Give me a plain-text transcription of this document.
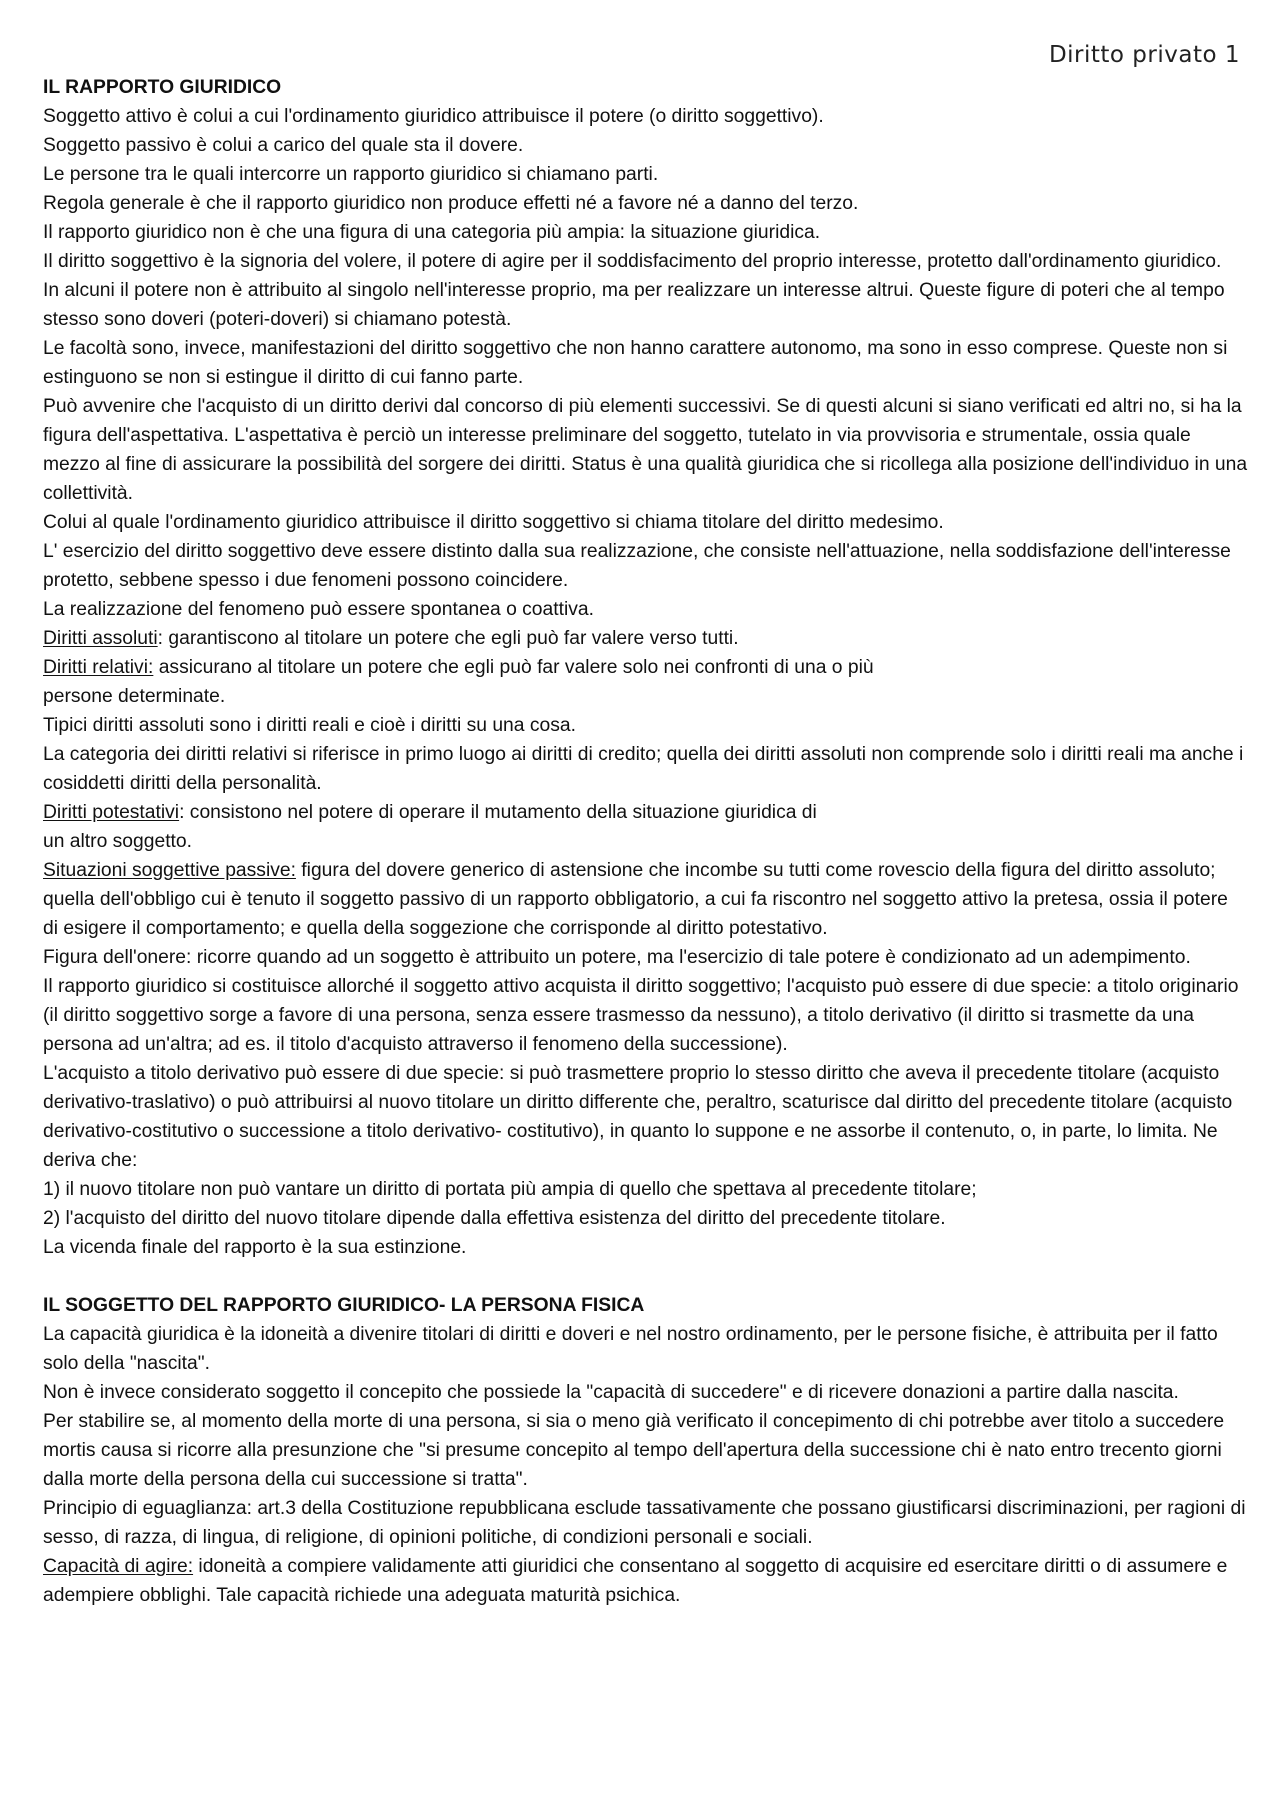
Diritto privato 1

IL RAPPORTO GIURIDICO

Soggetto attivo è colui a cui l'ordinamento giuridico attribuisce il potere (o diritto soggettivo).

Soggetto passivo è colui a carico del quale sta il dovere.

Le persone tra le quali intercorre un rapporto giuridico si chiamano parti.

Regola generale è che il rapporto giuridico non produce effetti né a favore né a danno del terzo.

Il rapporto giuridico non è che una figura di una categoria più ampia: la situazione giuridica.

Il diritto soggettivo è la signoria del volere, il potere di agire per il soddisfacimento del proprio interesse, protetto dall'ordinamento giuridico.

In alcuni il potere non è attribuito al singolo nell'interesse proprio, ma per realizzare un interesse altrui. Queste figure di poteri che al tempo stesso sono doveri (poteri-doveri) si chiamano potestà.

Le facoltà sono, invece, manifestazioni del diritto soggettivo che non hanno carattere autonomo, ma sono in esso comprese. Queste non si estinguono se non si estingue il diritto di cui fanno parte.

Può avvenire che l'acquisto di un diritto derivi dal concorso di più elementi successivi. Se di questi alcuni si siano verificati ed altri no, si ha la figura dell'aspettativa. L'aspettativa è perciò un interesse preliminare del soggetto, tutelato in via provvisoria e strumentale, ossia quale mezzo al fine di assicurare la possibilità del sorgere dei diritti. Status è una qualità giuridica che si ricollega alla posizione dell'individuo in una collettività.

Colui al quale l'ordinamento giuridico attribuisce il diritto soggettivo si chiama titolare del diritto medesimo.

L' esercizio del diritto soggettivo deve essere distinto dalla sua realizzazione, che consiste nell'attuazione, nella soddisfazione dell'interesse protetto, sebbene spesso i due fenomeni possono coincidere.

La realizzazione del fenomeno può essere spontanea o coattiva.

Diritti assoluti: garantiscono al titolare un potere che egli può far valere verso tutti.

Diritti relativi: assicurano al titolare un potere che egli può far valere solo nei confronti di una o più
persone determinate.

Tipici diritti assoluti sono i diritti reali e cioè i diritti su una cosa.

La categoria dei diritti relativi si riferisce in primo luogo ai diritti di credito; quella dei diritti assoluti non comprende solo i diritti reali ma anche i cosiddetti diritti della personalità.

Diritti potestativi: consistono nel potere di operare il mutamento della situazione giuridica di
un altro soggetto.

Situazioni soggettive passive: figura del dovere generico di astensione che incombe su tutti come rovescio della figura del diritto assoluto; quella dell'obbligo cui è tenuto il soggetto passivo di un rapporto obbligatorio, a cui fa riscontro nel soggetto attivo la pretesa, ossia il potere di esigere il comportamento; e quella della soggezione che corrisponde al diritto potestativo.

Figura dell'onere: ricorre quando ad un soggetto è attribuito un potere, ma l'esercizio di tale potere è condizionato ad un adempimento.

Il rapporto giuridico si costituisce allorché il soggetto attivo acquista il diritto soggettivo; l'acquisto può essere di due specie: a titolo originario (il diritto soggettivo sorge a favore di una persona, senza essere trasmesso da nessuno), a titolo derivativo (il diritto si trasmette da una persona ad un'altra; ad es. il titolo d'acquisto attraverso il fenomeno della successione).

L'acquisto a titolo derivativo può essere di due specie: si può trasmettere proprio lo stesso diritto che aveva il precedente titolare (acquisto derivativo-traslativo) o può attribuirsi al nuovo titolare un diritto differente che, peraltro, scaturisce dal diritto del precedente titolare (acquisto derivativo-costitutivo o successione a titolo derivativo- costitutivo), in quanto lo suppone e ne assorbe il contenuto, o, in parte, lo limita. Ne deriva che:

1) il nuovo titolare non può vantare un diritto di portata più ampia di quello che spettava al precedente titolare;

2) l'acquisto del diritto del nuovo titolare dipende dalla effettiva esistenza del diritto del precedente titolare.

La vicenda finale del rapporto è la sua estinzione.

IL SOGGETTO DEL RAPPORTO GIURIDICO- LA PERSONA FISICA

La capacità giuridica è la idoneità a divenire titolari di diritti e doveri e nel nostro ordinamento, per le persone fisiche, è attribuita per il fatto solo della "nascita".

Non è invece considerato soggetto il concepito che possiede la "capacità di succedere" e di ricevere donazioni a partire dalla nascita.

Per stabilire se, al momento della morte di una persona, si sia o meno già verificato il concepimento di chi potrebbe aver titolo a succedere mortis causa si ricorre alla presunzione che "si presume concepito al tempo dell'apertura della successione chi è nato entro trecento giorni dalla morte della persona della cui successione si tratta".

Principio di eguaglianza: art.3 della Costituzione repubblicana esclude tassativamente che possano giustificarsi discriminazioni, per ragioni di sesso, di razza, di lingua, di religione, di opinioni politiche, di condizioni personali e sociali.

Capacità di agire: idoneità a compiere validamente atti giuridici che consentano al soggetto di acquisire ed esercitare diritti o di assumere e adempiere obblighi. Tale capacità richiede una adeguata maturità psichica.
